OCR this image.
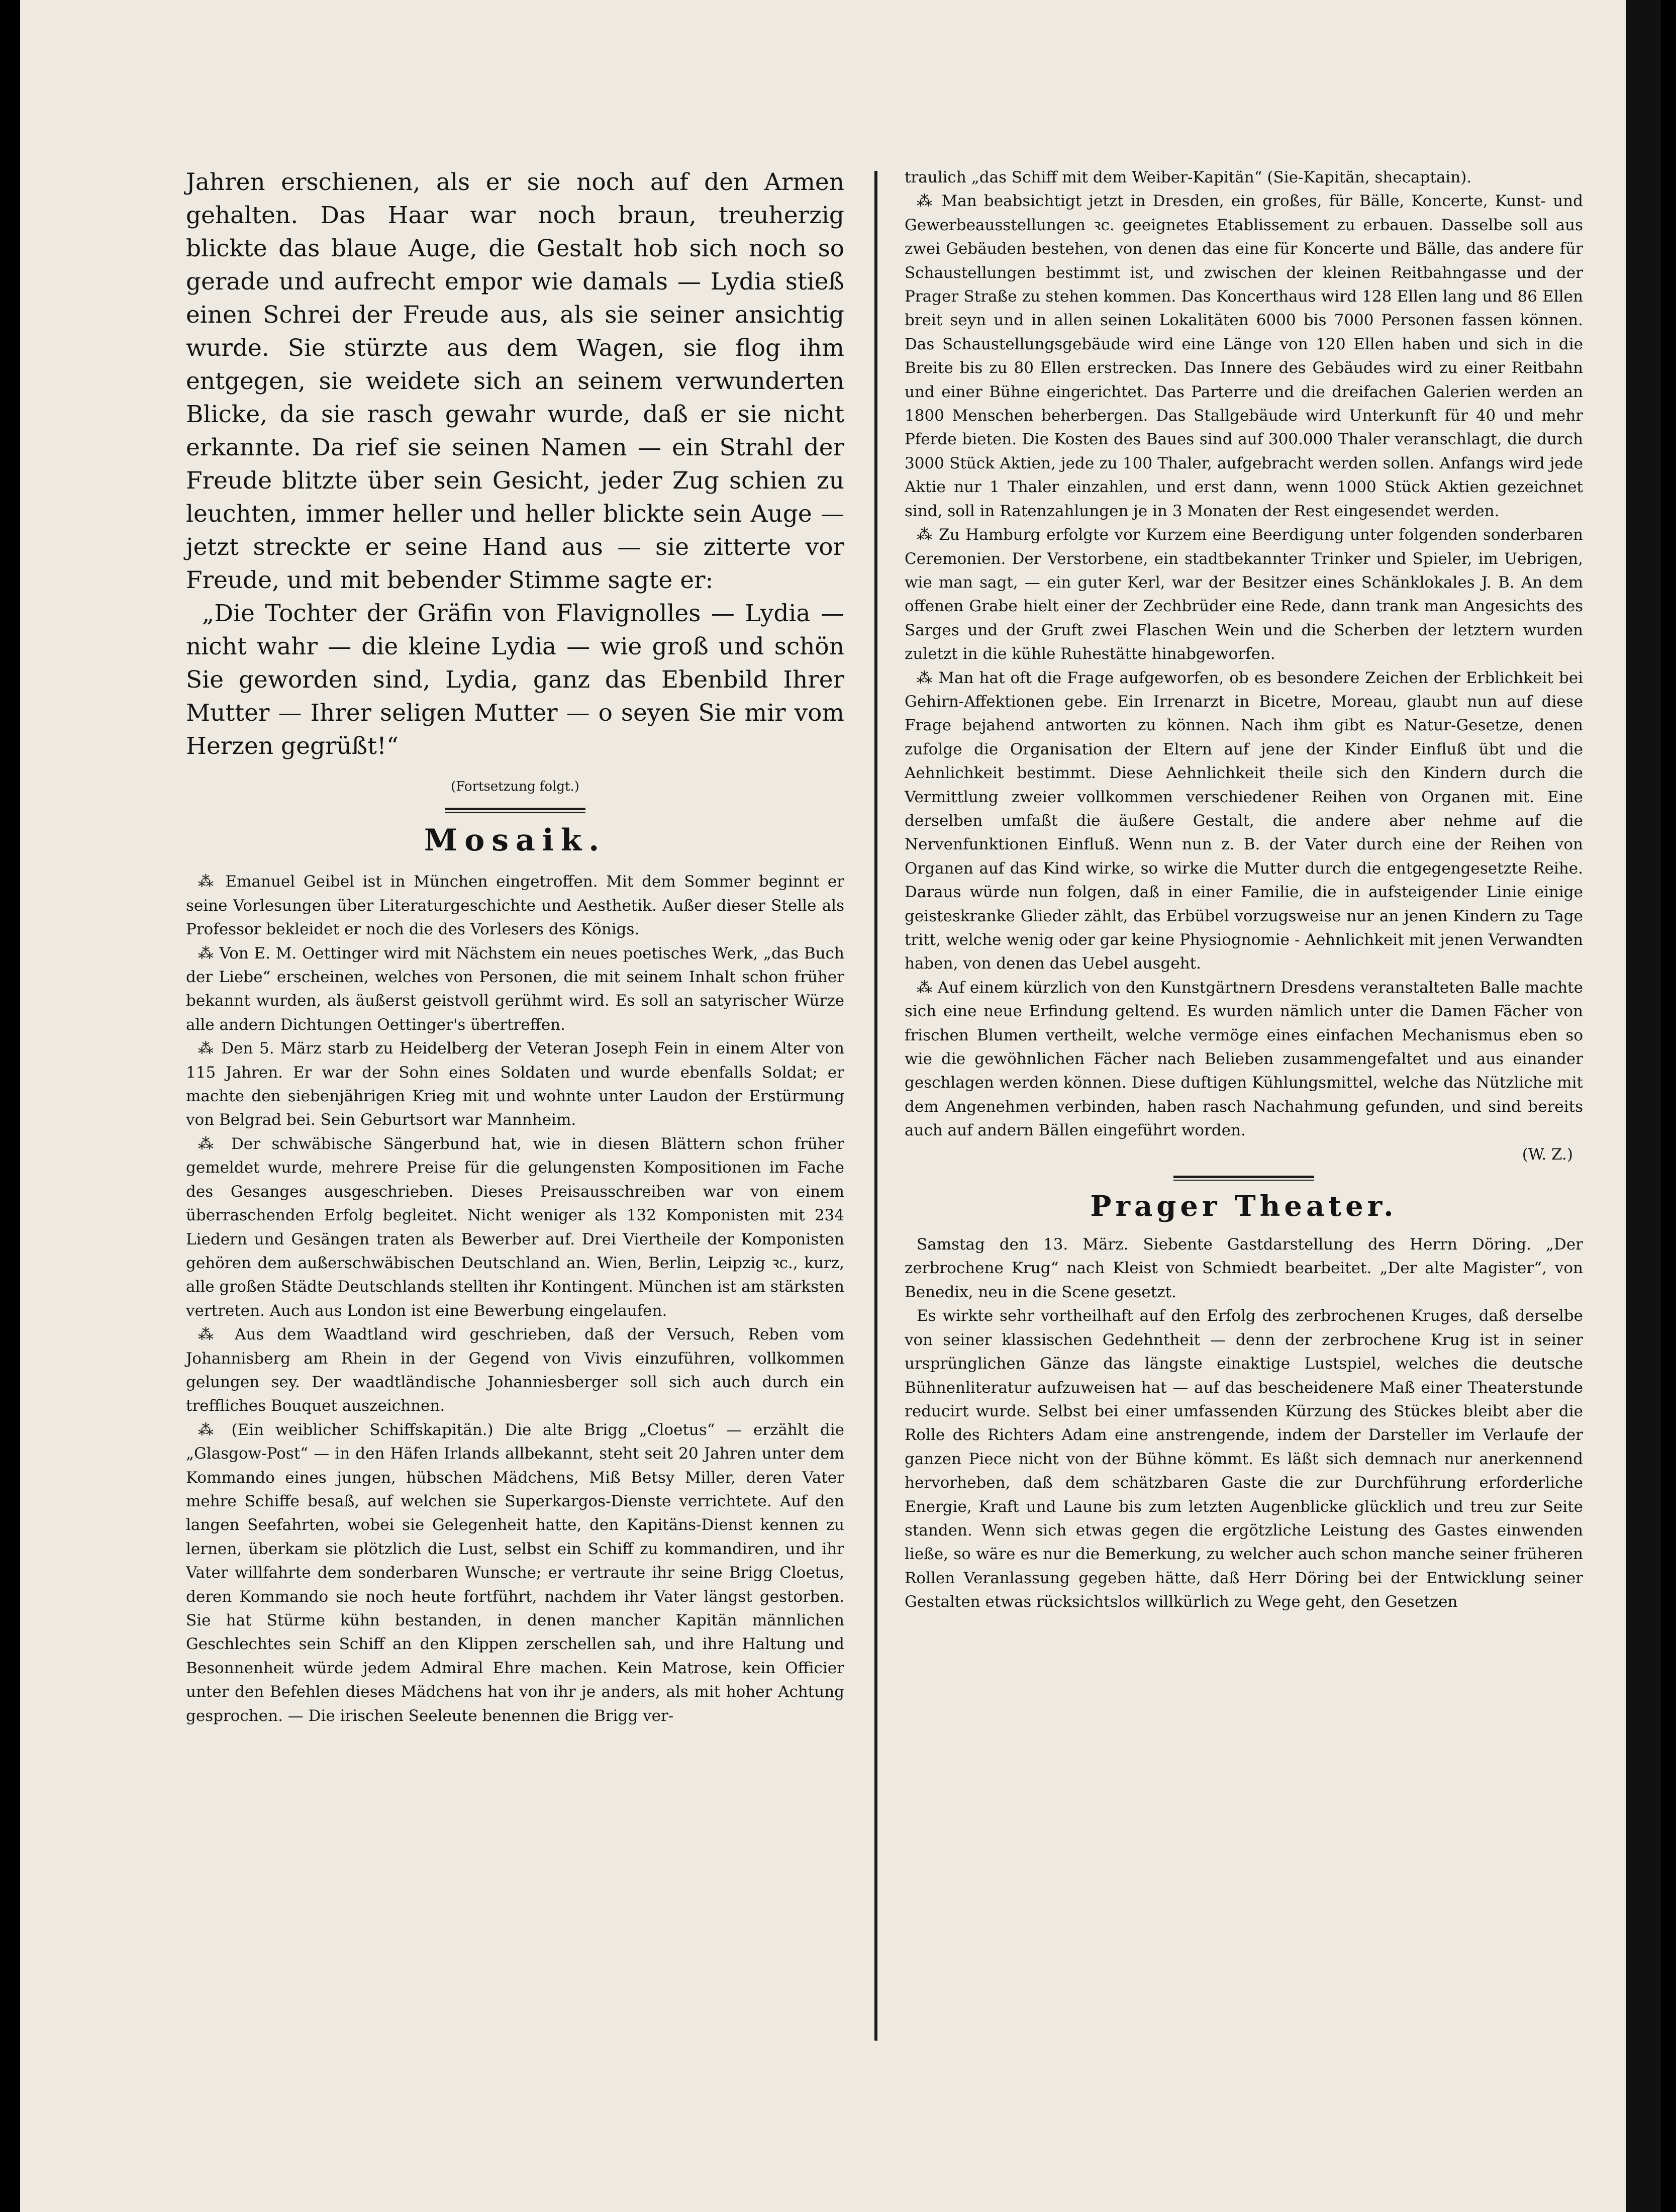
Jahren erschienen, als er sie noch auf den Armen gehalten. Das Haar war noch braun, treuherzig blickte das blaue Auge, die Gestalt hob sich noch so gerade und aufrecht empor wie damals — Lydia stieß einen Schrei der Freude aus, als sie seiner ansichtig wurde. Sie stürzte aus dem Wagen, sie flog ihm entgegen, sie weidete sich an seinem verwunderten Blicke, da sie rasch gewahr wurde, daß er sie nicht erkannte. Da rief sie seinen Namen — ein Strahl der Freude blitzte über sein Gesicht, jeder Zug schien zu leuchten, immer heller und heller blickte sein Auge — jetzt streckte er seine Hand aus — sie zitterte vor Freude, und mit bebender Stimme sagte er:

„Die Tochter der Gräfin von Flavignolles — Lydia — nicht wahr — die kleine Lydia — wie groß und schön Sie geworden sind, Lydia, ganz das Ebenbild Ihrer Mutter — Ihrer seligen Mutter — o seyen Sie mir vom Herzen gegrüßt!“

(Fortsetzung folgt.)
Mosaik.

⁂ Emanuel Geibel ist in München eingetroffen. Mit dem Sommer beginnt er seine Vorlesungen über Literaturgeschichte und Aesthetik. Außer dieser Stelle als Professor bekleidet er noch die des Vorlesers des Königs.

⁂ Von E. M. Oettinger wird mit Nächstem ein neues poetisches Werk, „das Buch der Liebe“ erscheinen, welches von Personen, die mit seinem Inhalt schon früher bekannt wurden, als äußerst geistvoll gerühmt wird. Es soll an satyrischer Würze alle andern Dichtungen Oettinger's übertreffen.

⁂ Den 5. März starb zu Heidelberg der Veteran Joseph Fein in einem Alter von 115 Jahren. Er war der Sohn eines Soldaten und wurde ebenfalls Soldat; er machte den siebenjährigen Krieg mit und wohnte unter Laudon der Erstürmung von Belgrad bei. Sein Geburtsort war Mannheim.

⁂ Der schwäbische Sängerbund hat, wie in diesen Blättern schon früher gemeldet wurde, mehrere Preise für die gelungensten Kompositionen im Fache des Gesanges ausgeschrieben. Dieses Preisausschreiben war von einem überraschenden Erfolg begleitet. Nicht weniger als 132 Komponisten mit 234 Liedern und Gesängen traten als Bewerber auf. Drei Viertheile der Komponisten gehören dem außerschwäbischen Deutschland an. Wien, Berlin, Leipzig ꝛc., kurz, alle großen Städte Deutschlands stellten ihr Kontingent. München ist am stärksten vertreten. Auch aus London ist eine Bewerbung eingelaufen.

⁂ Aus dem Waadtland wird geschrieben, daß der Versuch, Reben vom Johannisberg am Rhein in der Gegend von Vivis einzuführen, vollkommen gelungen sey. Der waadtländische Johanniesberger soll sich auch durch ein treffliches Bouquet auszeichnen.

⁂ (Ein weiblicher Schiffskapitän.) Die alte Brigg „Cloetus“ — erzählt die „Glasgow-Post“ — in den Häfen Irlands allbekannt, steht seit 20 Jahren unter dem Kommando eines jungen, hübschen Mädchens, Miß Betsy Miller, deren Vater mehre Schiffe besaß, auf welchen sie Superkargos-Dienste verrichtete. Auf den langen Seefahrten, wobei sie Gelegenheit hatte, den Kapitäns-Dienst kennen zu lernen, überkam sie plötzlich die Lust, selbst ein Schiff zu kommandiren, und ihr Vater willfahrte dem sonderbaren Wunsche; er vertraute ihr seine Brigg Cloetus, deren Kommando sie noch heute fortführt, nachdem ihr Vater längst gestorben. Sie hat Stürme kühn bestanden, in denen mancher Kapitän männlichen Geschlechtes sein Schiff an den Klippen zerschellen sah, und ihre Haltung und Besonnenheit würde jedem Admiral Ehre machen. Kein Matrose, kein Officier unter den Befehlen dieses Mädchens hat von ihr je anders, als mit hoher Achtung gesprochen. — Die irischen Seeleute benennen die Brigg ver-

traulich „das Schiff mit dem Weiber-Kapitän“ (Sie-Kapitän, shecaptain).

⁂ Man beabsichtigt jetzt in Dresden, ein großes, für Bälle, Koncerte, Kunst- und Gewerbeausstellungen ꝛc. geeignetes Etablissement zu erbauen. Dasselbe soll aus zwei Gebäuden bestehen, von denen das eine für Koncerte und Bälle, das andere für Schaustellungen bestimmt ist, und zwischen der kleinen Reitbahngasse und der Prager Straße zu stehen kommen. Das Koncerthaus wird 128 Ellen lang und 86 Ellen breit seyn und in allen seinen Lokalitäten 6000 bis 7000 Personen fassen können. Das Schaustellungsgebäude wird eine Länge von 120 Ellen haben und sich in die Breite bis zu 80 Ellen erstrecken. Das Innere des Gebäudes wird zu einer Reitbahn und einer Bühne eingerichtet. Das Parterre und die dreifachen Galerien werden an 1800 Menschen beherbergen. Das Stallgebäude wird Unterkunft für 40 und mehr Pferde bieten. Die Kosten des Baues sind auf 300.000 Thaler veranschlagt, die durch 3000 Stück Aktien, jede zu 100 Thaler, aufgebracht werden sollen. Anfangs wird jede Aktie nur 1 Thaler einzahlen, und erst dann, wenn 1000 Stück Aktien gezeichnet sind, soll in Ratenzahlungen je in 3 Monaten der Rest eingesendet werden.

⁂ Zu Hamburg erfolgte vor Kurzem eine Beerdigung unter folgenden sonderbaren Ceremonien. Der Verstorbene, ein stadtbekannter Trinker und Spieler, im Uebrigen, wie man sagt, — ein guter Kerl, war der Besitzer eines Schänklokales J. B. An dem offenen Grabe hielt einer der Zechbrüder eine Rede, dann trank man Angesichts des Sarges und der Gruft zwei Flaschen Wein und die Scherben der letztern wurden zuletzt in die kühle Ruhestätte hinabgeworfen.

⁂ Man hat oft die Frage aufgeworfen, ob es besondere Zeichen der Erblichkeit bei Gehirn-Affektionen gebe. Ein Irrenarzt in Bicetre, Moreau, glaubt nun auf diese Frage bejahend antworten zu können. Nach ihm gibt es Natur-Gesetze, denen zufolge die Organisation der Eltern auf jene der Kinder Einfluß übt und die Aehnlichkeit bestimmt. Diese Aehnlichkeit theile sich den Kindern durch die Vermittlung zweier vollkommen verschiedener Reihen von Organen mit. Eine derselben umfaßt die äußere Gestalt, die andere aber nehme auf die Nervenfunktionen Einfluß. Wenn nun z. B. der Vater durch eine der Reihen von Organen auf das Kind wirke, so wirke die Mutter durch die entgegengesetzte Reihe. Daraus würde nun folgen, daß in einer Familie, die in aufsteigender Linie einige geisteskranke Glieder zählt, das Erbübel vorzugsweise nur an jenen Kindern zu Tage tritt, welche wenig oder gar keine Physiognomie - Aehnlichkeit mit jenen Verwandten haben, von denen das Uebel ausgeht.

⁂ Auf einem kürzlich von den Kunstgärtnern Dresdens veranstalteten Balle machte sich eine neue Erfindung geltend. Es wurden nämlich unter die Damen Fächer von frischen Blumen vertheilt, welche vermöge eines einfachen Mechanismus eben so wie die gewöhnlichen Fächer nach Belieben zusammengefaltet und aus einander geschlagen werden können. Diese duftigen Kühlungsmittel, welche das Nützliche mit dem Angenehmen verbinden, haben rasch Nachahmung gefunden, und sind bereits auch auf andern Bällen eingeführt worden.

(W. Z.)

Prager Theater.

Samstag den 13. März. Siebente Gastdarstellung des Herrn Döring. „Der zerbrochene Krug“ nach Kleist von Schmiedt bearbeitet. „Der alte Magister“, von Benedix, neu in die Scene gesetzt.

Es wirkte sehr vortheilhaft auf den Erfolg des zerbrochenen Kruges, daß derselbe von seiner klassischen Gedehntheit — denn der zerbrochene Krug ist in seiner ursprünglichen Gänze das längste einaktige Lustspiel, welches die deutsche Bühnenliteratur aufzuweisen hat — auf das bescheidenere Maß einer Theaterstunde reducirt wurde. Selbst bei einer umfassenden Kürzung des Stückes bleibt aber die Rolle des Richters Adam eine anstrengende, indem der Darsteller im Verlaufe der ganzen Piece nicht von der Bühne kömmt. Es läßt sich demnach nur anerkennend hervorheben, daß dem schätzbaren Gaste die zur Durchführung erforderliche Energie, Kraft und Laune bis zum letzten Augenblicke glücklich und treu zur Seite standen. Wenn sich etwas gegen die ergötzliche Leistung des Gastes einwenden ließe, so wäre es nur die Bemerkung, zu welcher auch schon manche seiner früheren Rollen Veranlassung gegeben hätte, daß Herr Döring bei der Entwicklung seiner Gestalten etwas rücksichtslos willkürlich zu Wege geht, den Gesetzen
